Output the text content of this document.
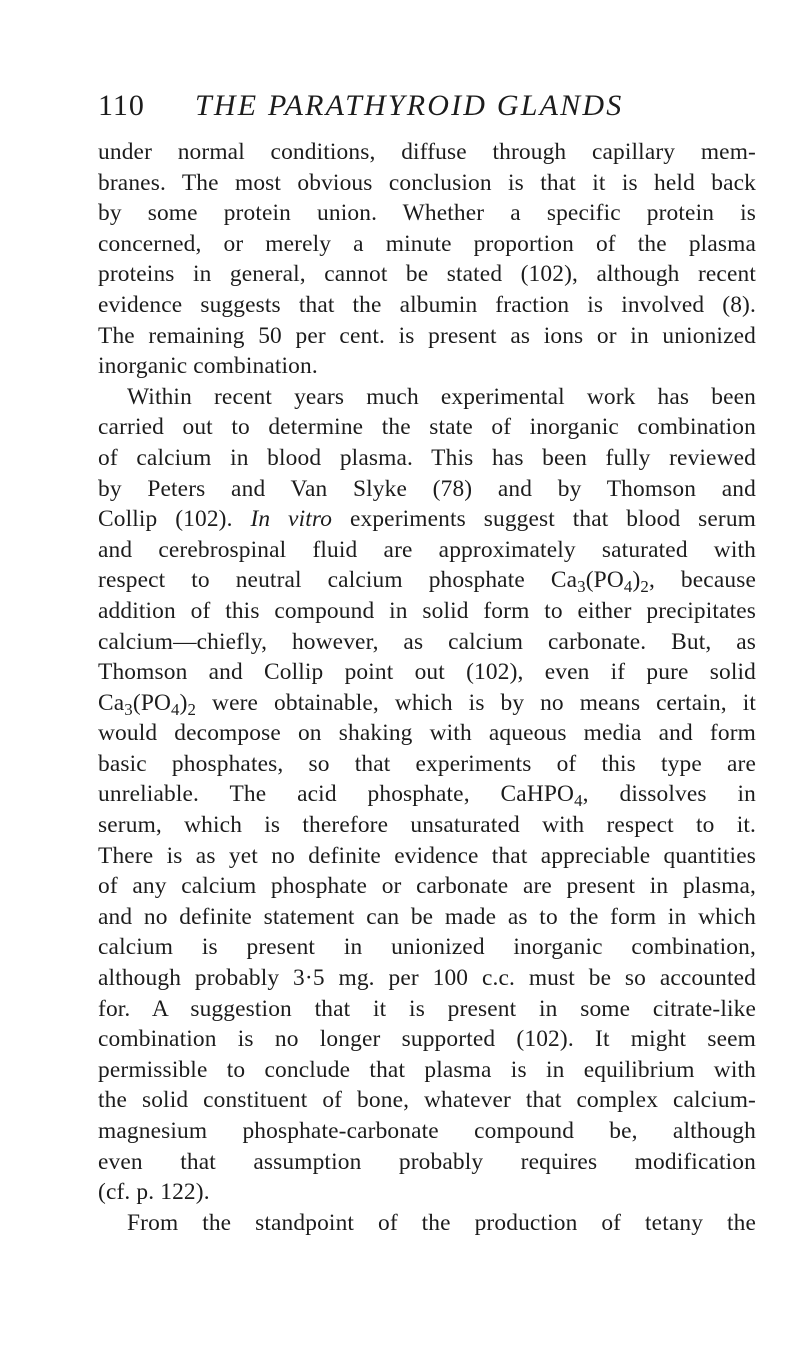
110 THE PARATHYROID GLANDS
under normal conditions, diffuse through capillary mem-
branes. The most obvious conclusion is that it is held back
by some protein union. Whether a specific protein is
concerned, or merely a minute proportion of the plasma
proteins in general, cannot be stated (102), although recent
evidence suggests that the albumin fraction is involved (8).
The remaining 50 per cent. is present as ions or in unionized
inorganic combination.
Within recent years much experimental work has been
carried out to determine the state of inorganic combination
of calcium in blood plasma. This has been fully reviewed
by Peters and Van Slyke (78) and by Thomson and
Collip (102). In vitro experiments suggest that blood serum
and cerebrospinal fluid are approximately saturated with
respect to neutral calcium phosphate $Ca_3(PO_4)_2$, because
addition of this compound in solid form to either precipitates
calcium—chiefly, however, as calcium carbonate. But, as
Thomson and Collip point out (102), even if pure solid
$Ca_3(PO_4)_2$ were obtainable, which is by no means certain, it
would decompose on shaking with aqueous media and form
basic phosphates, so that experiments of this type are
unreliable. The acid phosphate, CaHPO$_4$, dissolves in
serum, which is therefore unsaturated with respect to it.
There is as yet no definite evidence that appreciable quantities
of any calcium phosphate or carbonate are present in plasma,
and no definite statement can be made as to the form in which
calcium is present in unionized inorganic combination,
although probably 3·5 mg. per 100 c.c. must be so accounted
for. A suggestion that it is present in some citrate-like
combination is no longer supported (102). It might seem
permissible to conclude that plasma is in equilibrium with
the solid constituent of bone, whatever that complex calcium-
magnesium phosphate-carbonate compound be, although
even that assumption probably requires modification
(cf. p. 122).
From the standpoint of the production of tetany the
